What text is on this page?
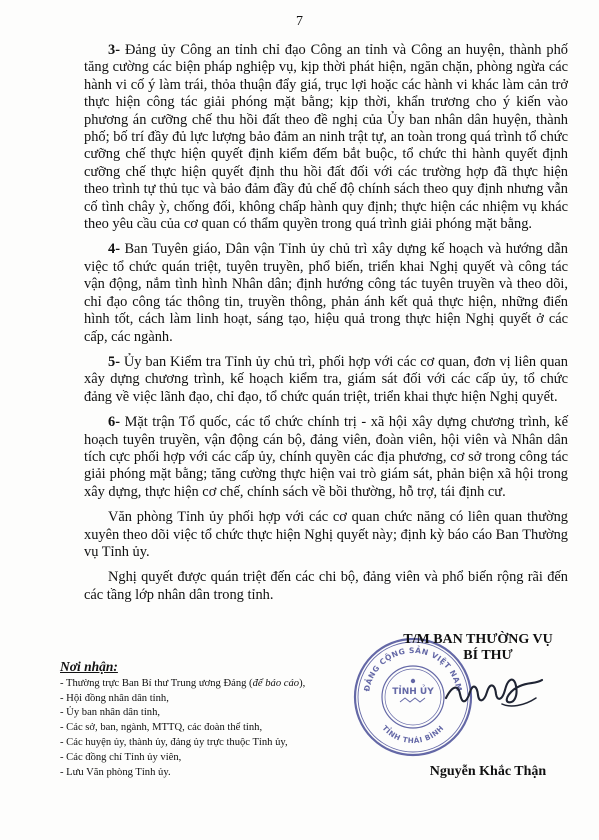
7

3- Đảng ủy Công an tỉnh chỉ đạo Công an tỉnh và Công an huyện, thành phố tăng cường các biện pháp nghiệp vụ, kịp thời phát hiện, ngăn chặn, phòng ngừa các hành vi cố ý làm trái, thỏa thuận đẩy giá, trục lợi hoặc các hành vi khác làm cản trở thực hiện công tác giải phóng mặt bằng; kịp thời, khẩn trương cho ý kiến vào phương án cưỡng chế thu hồi đất theo đề nghị của Ủy ban nhân dân huyện, thành phố; bố trí đầy đủ lực lượng bảo đảm an ninh trật tự, an toàn trong quá trình tổ chức cưỡng chế thực hiện quyết định kiểm đếm bắt buộc, tổ chức thi hành quyết định cưỡng chế thực hiện quyết định thu hồi đất đối với các trường hợp đã thực hiện theo trình tự thủ tục và bảo đảm đầy đủ chế độ chính sách theo quy định nhưng vẫn cố tình chây ỳ, chống đối, không chấp hành quy định; thực hiện các nhiệm vụ khác theo yêu cầu của cơ quan có thẩm quyền trong quá trình giải phóng mặt bằng.

4- Ban Tuyên giáo, Dân vận Tỉnh ủy chủ trì xây dựng kế hoạch và hướng dẫn việc tổ chức quán triệt, tuyên truyền, phổ biến, triển khai Nghị quyết và công tác vận động, nắm tình hình Nhân dân; định hướng công tác tuyên truyền và theo dõi, chỉ đạo công tác thông tin, truyền thông, phản ánh kết quả thực hiện, những điển hình tốt, cách làm linh hoạt, sáng tạo, hiệu quả trong thực hiện Nghị quyết ở các cấp, các ngành.

5- Ủy ban Kiểm tra Tỉnh ủy chủ trì, phối hợp với các cơ quan, đơn vị liên quan xây dựng chương trình, kế hoạch kiểm tra, giám sát đối với các cấp ủy, tổ chức đảng về việc lãnh đạo, chỉ đạo, tổ chức quán triệt, triển khai thực hiện Nghị quyết.

6- Mặt trận Tổ quốc, các tổ chức chính trị - xã hội xây dựng chương trình, kế hoạch tuyên truyền, vận động cán bộ, đảng viên, đoàn viên, hội viên và Nhân dân tích cực phối hợp với các cấp ủy, chính quyền các địa phương, cơ sở trong công tác giải phóng mặt bằng; tăng cường thực hiện vai trò giám sát, phản biện xã hội trong xây dựng, thực hiện cơ chế, chính sách về bồi thường, hỗ trợ, tái định cư.

Văn phòng Tỉnh ủy phối hợp với các cơ quan chức năng có liên quan thường xuyên theo dõi việc tổ chức thực hiện Nghị quyết này; định kỳ báo cáo Ban Thường vụ Tỉnh ủy.

Nghị quyết được quán triệt đến các chi bộ, đảng viên và phổ biến rộng rãi đến các tầng lớp nhân dân trong tỉnh.

ĐẢNG CỘNG SẢN VIỆT NAM
TỈNH THÁI BÌNH
TỈNH ỦY
T/M BAN THƯỜNG VỤ
BÍ THƯ
Nguyễn Khắc Thận
Nơi nhận:
- Thường trực Ban Bí thư Trung ương Đảng (để báo cáo),
- Hội đồng nhân dân tỉnh,
- Ủy ban nhân dân tỉnh,
- Các sở, ban, ngành, MTTQ, các đoàn thể tỉnh,
- Các huyện ủy, thành ủy, đảng ủy trực thuộc Tỉnh ủy,
- Các đồng chí Tỉnh ủy viên,
- Lưu Văn phòng Tỉnh ủy.
